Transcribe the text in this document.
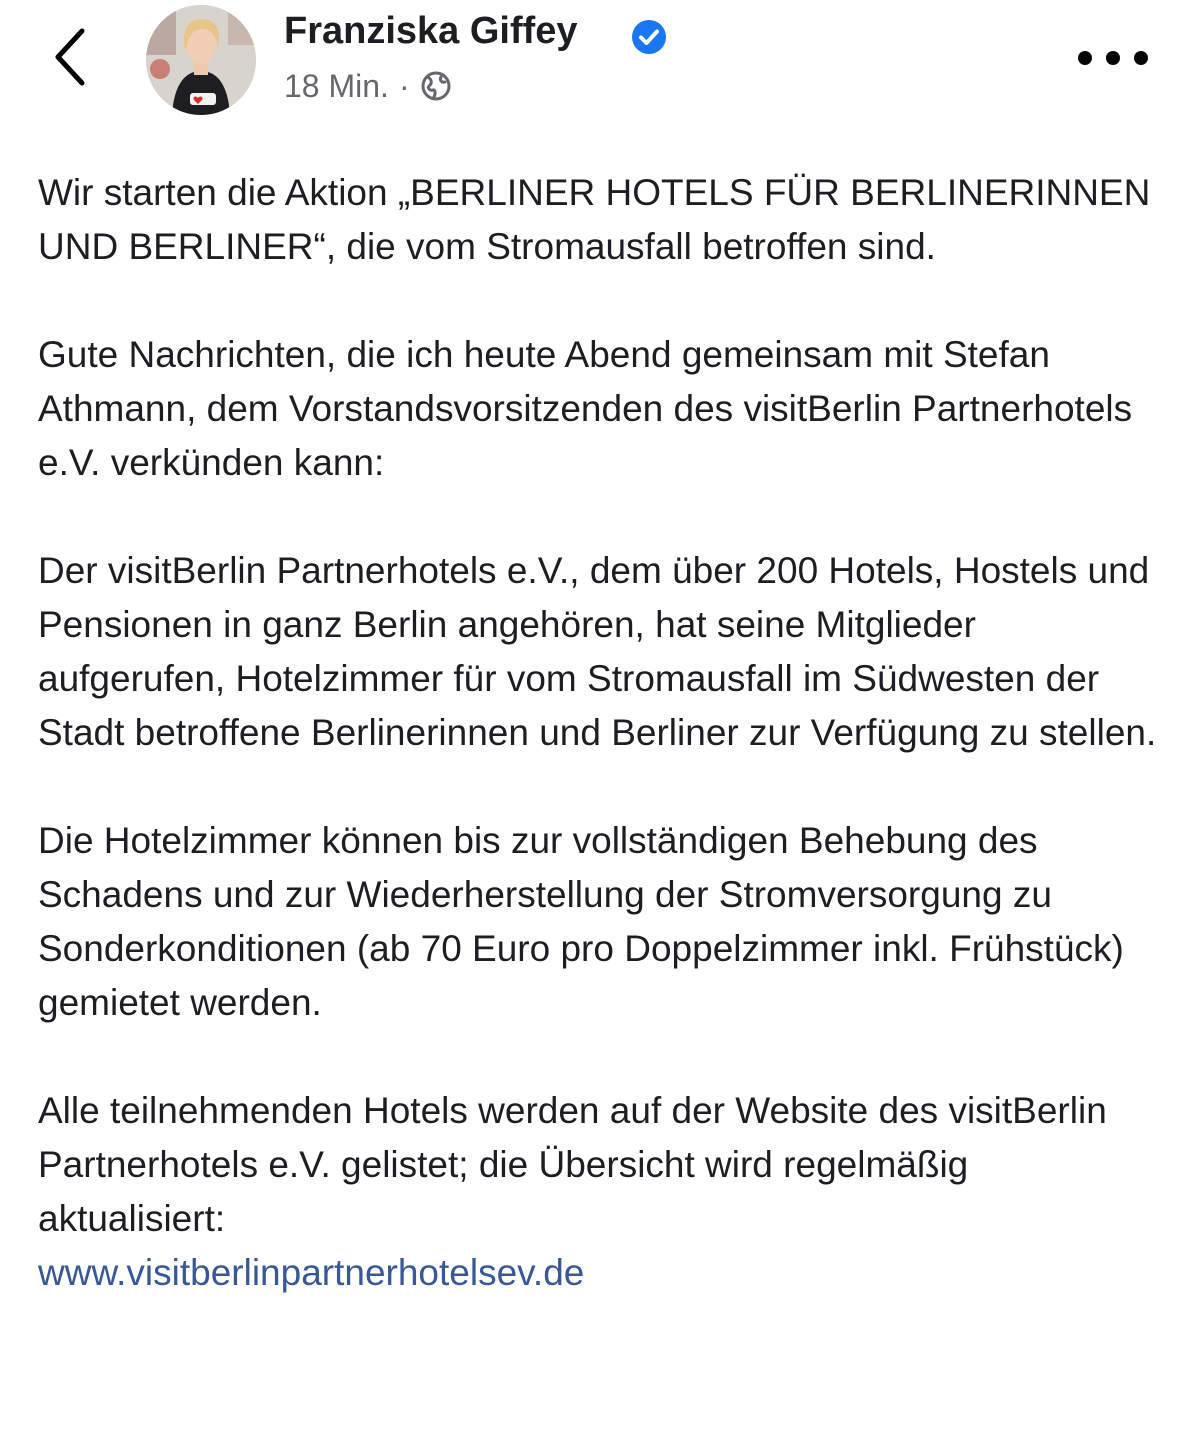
Franziska Giffey
18 Min. ·

Wir starten die Aktion „BERLINER HOTELS FÜR BERLINERINNEN UND BERLINER“, die vom Stromausfall betroffen sind.

Gute Nachrichten, die ich heute Abend gemeinsam mit Stefan Athmann, dem Vorstandsvorsitzenden des visitBerlin Partnerhotels e.V. verkünden kann:

Der visitBerlin Partnerhotels e.V., dem über 200 Hotels, Hostels und Pensionen in ganz Berlin angehören, hat seine Mitglieder aufgerufen, Hotelzimmer für vom Stromausfall im Südwesten der Stadt betroffene Berlinerinnen und Berliner zur Verfügung zu stellen.

Die Hotelzimmer können bis zur vollständigen Behebung des Schadens und zur Wiederherstellung der Stromversorgung zu Sonderkonditionen (ab 70 Euro pro Doppelzimmer inkl. Frühstück) gemietet werden.

Alle teilnehmenden Hotels werden auf der Website des visitBerlin Partnerhotels e.V. gelistet; die Übersicht wird regelmäßig aktualisiert:
www.visitberlinpartnerhotelsev.de
